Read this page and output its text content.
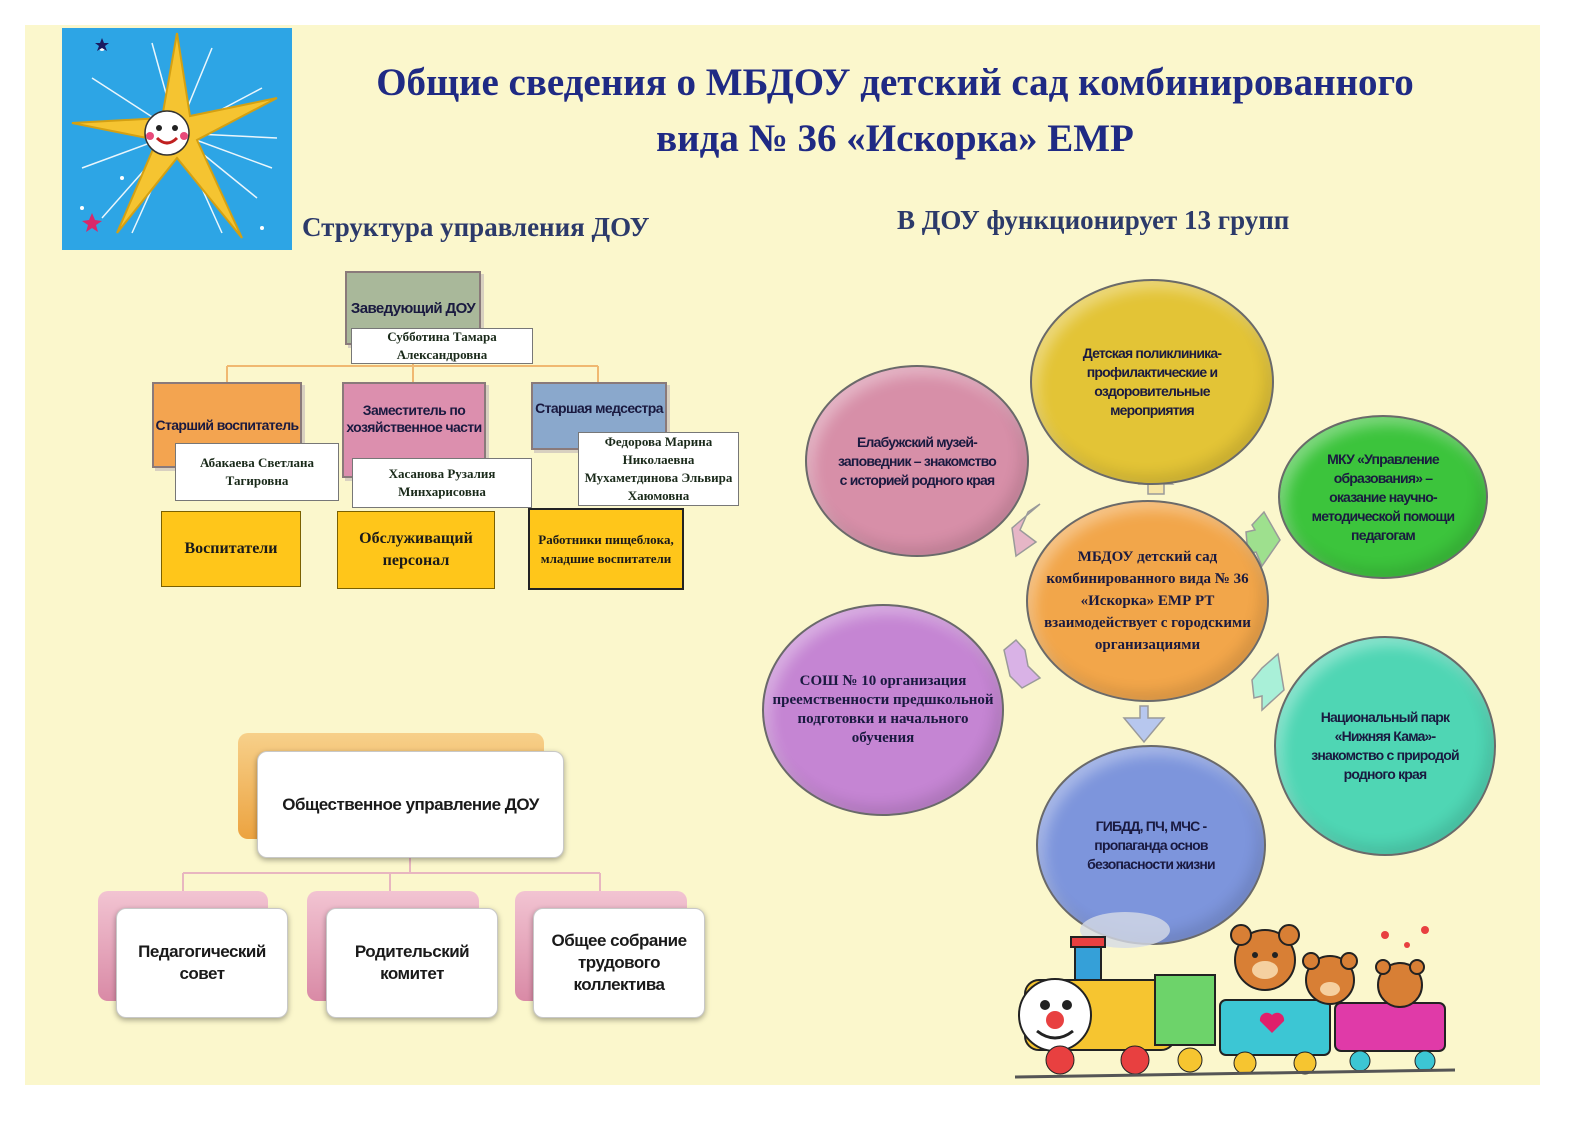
Общие сведения о МБДОУ детский сад комбинированного вида № 36 «Искорка» ЕМР
Структура управления ДОУ	В ДОУ функционирует 13 групп
Заведующий ДОУ
Субботина Тамара Александровна
Старший воспитатель
Абакаева Светлана Тагировна
Заместитель по хозяйственное части
Хасанова Рузалия Минхарисовна
Старшая медсестра
Федорова Марина Николаевна Мухаметдинова Эльвира Хаюмовна
Воспитатели
Обслуживащий персонал
Работники пищеблока, младшие воспитатели
Общественное управление ДОУ
Педагогический совет
Родительский комитет
Общее собрание трудового коллектива
Детская поликлиника-профилактические и оздоровительные мероприятия
МКУ «Управление образования» – оказание научно-методической помощи педагогам
Национальный парк «Нижняя Кама»- знакомство с природой родного края
ГИБДД, ПЧ, МЧС - пропаганда основ безопасности жизни
СОШ № 10 организация преемственности предшкольной подготовки и начального обучения
Елабужский музей-заповедник – знакомство с историей родного края
МБДОУ детский сад комбинированного вида № 36 «Искорка» ЕМР РТ взаимодействует с городскими организациями
